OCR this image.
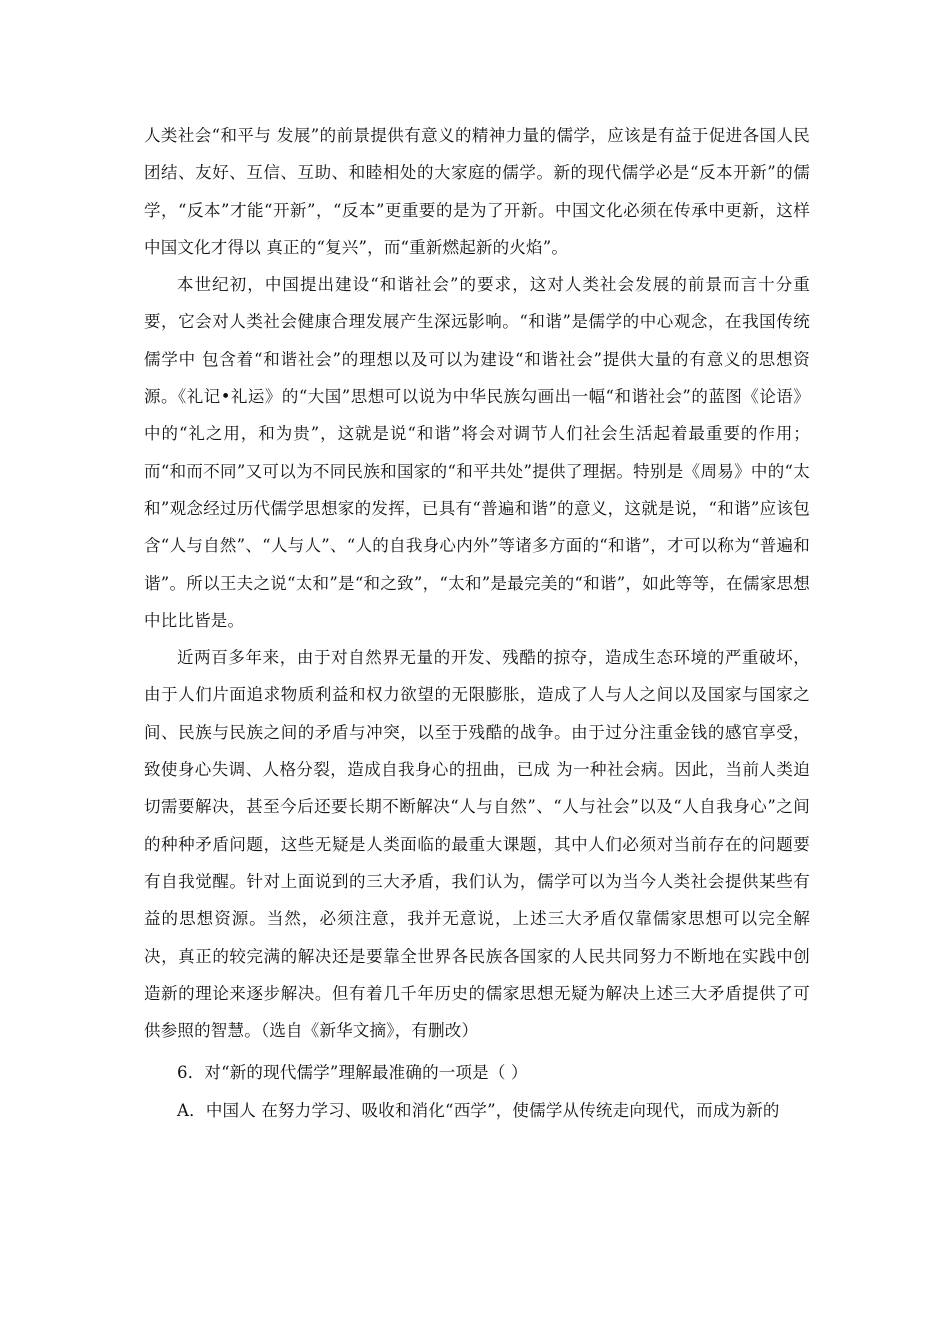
人类社会“和平与 发展”的前景提供有意义的精神力量的儒学，应该是有益于促进各国人民团结、友好、互信、互助、和睦相处的大家庭的儒学。新的现代儒学必是“反本开新”的儒学，“反本”才能“开新”，“反本”更重要的是为了开新。中国文化必须在传承中更新，这样中国文化才得以 真正的“复兴”，而“重新燃起新的火焰”。

本世纪初，中国提出建设“和谐社会”的要求，这对人类社会发展的前景而言十分重要，它会对人类社会健康合理发展产生深远影响。“和谐”是儒学的中心观念，在我国传统儒学中 包含着“和谐社会”的理想以及可以为建设“和谐社会”提供大量的有意义的思想资源。《礼记•礼运》的“大国”思想可以说为中华民族勾画出一幅“和谐社会”的蓝图《论语》中的“礼之用，和为贵”，这就是说“和谐”将会对调节人们社会生活起着最重要的作用；而“和而不同”又可以为不同民族和国家的“和平共处”提供了理据。特别是《周易》中的“太和”观念经过历代儒学思想家的发挥，已具有“普遍和谐”的意义，这就是说，“和谐”应该包含“人与自然”、“人与人”、“人的自我身心内外”等诸多方面的“和谐”，才可以称为“普遍和谐”。所以王夫之说“太和”是“和之致”，“太和”是最完美的“和谐”，如此等等，在儒家思想中比比皆是。

近两百多年来，由于对自然界无量的开发、残酷的掠夺，造成生态环境的严重破坏，由于人们片面追求物质利益和权力欲望的无限膨胀，造成了人与人之间以及国家与国家之间、民族与民族之间的矛盾与冲突，以至于残酷的战争。由于过分注重金钱的感官享受，致使身心失调、人格分裂，造成自我身心的扭曲，已成 为一种社会病。因此，当前人类迫切需要解决，甚至今后还要长期不断解决“人与自然”、“人与社会”以及“人自我身心”之间的种种矛盾问题，这些无疑是人类面临的最重大课题，其中人们必须对当前存在的问题要有自我觉醒。针对上面说到的三大矛盾，我们认为，儒学可以为当今人类社会提供某些有益的思想资源。当然，必须注意，我并无意说，上述三大矛盾仅靠儒家思想可以完全解决，真正的较完满的解决还是要靠全世界各民族各国家的人民共同努力不断地在实践中创造新的理论来逐步解决。但有着几千年历史的儒家思想无疑为解决上述三大矛盾提供了可供参照的智慧。（选自《新华文摘》，有删改）

6．对“新的现代儒学”理解最准确的一项是（ ）

A．中国人 在努力学习、吸收和消化“西学”，使儒学从传统走向现代，而成为新的
